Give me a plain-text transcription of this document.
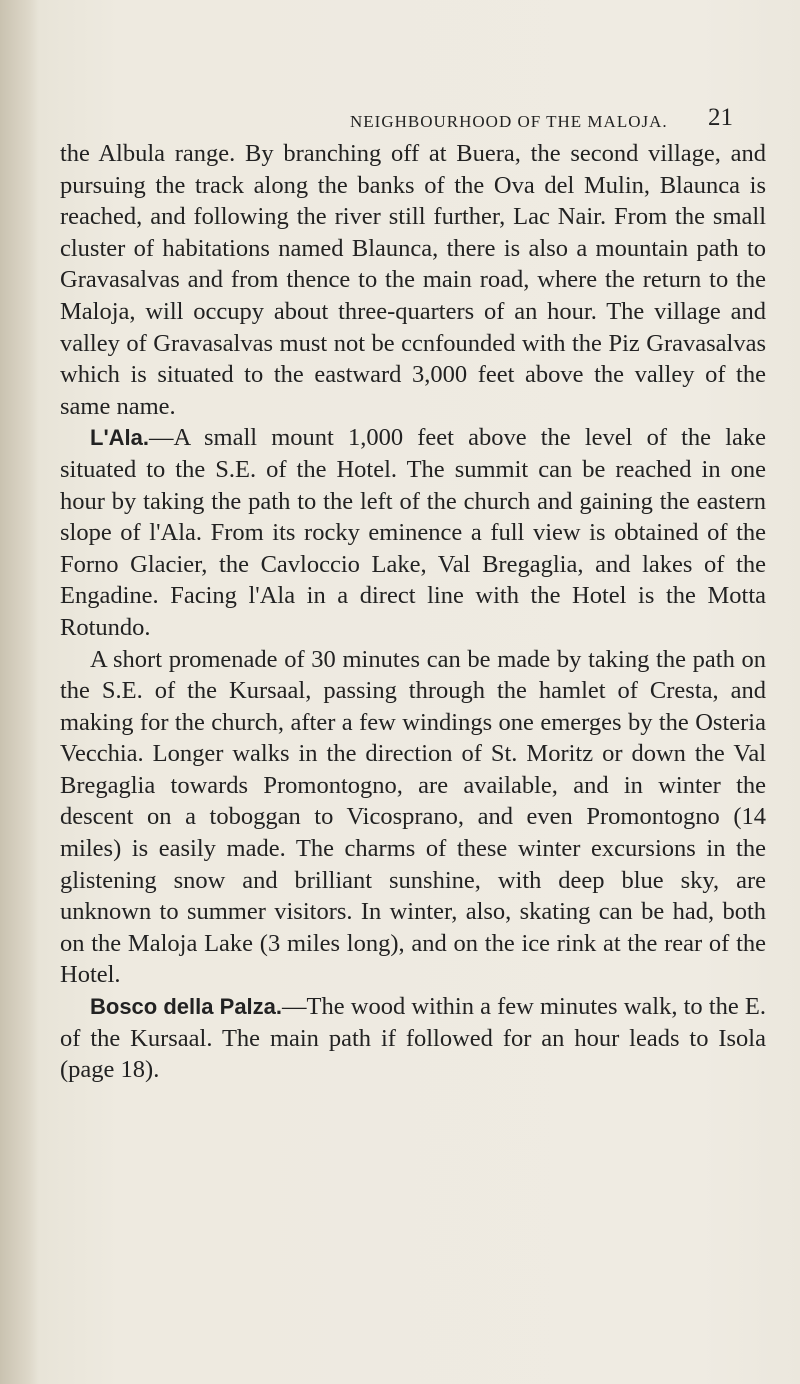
NEIGHBOURHOOD OF THE MALOJA. 21

the Albula range. By branching off at Buera, the second village, and pursuing the track along the banks of the Ova del Mulin, Blaunca is reached, and following the river still further, Lac Nair. From the small cluster of habitations named Blaunca, there is also a mountain path to Gravasalvas and from thence to the main road, where the return to the Maloja, will occupy about three-quarters of an hour. The village and valley of Gravasalvas must not be ccnfounded with the Piz Gravasalvas which is situated to the eastward 3,000 feet above the valley of the same name.

L'Ala.—A small mount 1,000 feet above the level of the lake situated to the S.E. of the Hotel. The summit can be reached in one hour by taking the path to the left of the church and gaining the eastern slope of l'Ala. From its rocky eminence a full view is obtained of the Forno Glacier, the Cavloccio Lake, Val Bregaglia, and lakes of the Engadine. Facing l'Ala in a direct line with the Hotel is the Motta Rotundo.

A short promenade of 30 minutes can be made by taking the path on the S.E. of the Kursaal, passing through the hamlet of Cresta, and making for the church, after a few windings one emerges by the Osteria Vecchia. Longer walks in the direction of St. Moritz or down the Val Bregaglia towards Promontogno, are available, and in winter the descent on a toboggan to Vicosprano, and even Promontogno (14 miles) is easily made. The charms of these winter excursions in the glistening snow and brilliant sunshine, with deep blue sky, are unknown to summer visitors. In winter, also, skating can be had, both on the Maloja Lake (3 miles long), and on the ice rink at the rear of the Hotel.

Bosco della Palza.—The wood within a few minutes walk, to the E. of the Kursaal. The main path if followed for an hour leads to Isola (page 18).
